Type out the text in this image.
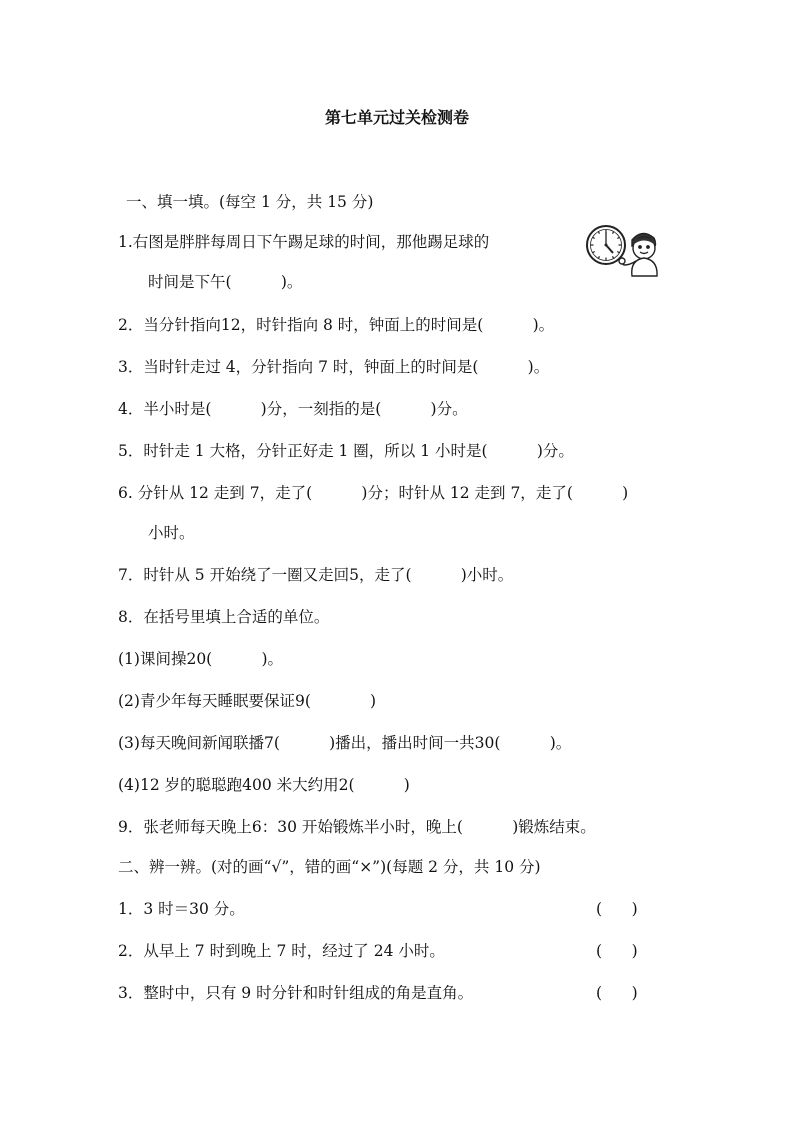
第七单元过关检测卷
一、填一填。(每空 1 分，共 15 分)
1.右图是胖胖每周日下午踢足球的时间，那他踢足球的
时间是下午(          )。
2．当分针指向12，时针指向 8 时，钟面上的时间是(          )。
3．当时针走过 4，分针指向 7 时，钟面上的时间是(          )。
4．半小时是(          )分，一刻指的是(          )分。
5．时针走 1 大格，分针正好走 1 圈，所以 1 小时是(          )分。
6. 分针从 12 走到 7，走了(          )分；时针从 12 走到 7，走了(          )
小时。
7．时针从 5 开始绕了一圈又走回5，走了(          )小时。
8．在括号里填上合适的单位。
(1)课间操20(          )。
(2)青少年每天睡眠要保证9(            )
(3)每天晚间新闻联播7(          )播出，播出时间一共30(          )。
(4)12 岁的聪聪跑400 米大约用2(          )
9．张老师每天晚上6：30 开始锻炼半小时，晚上(          )锻炼结束。
二、辨一辨。(对的画“√”，错的画“×”)(每题 2 分，共 10 分)
1．3 时＝30 分。	(      )
2．从早上 7 时到晚上 7 时，经过了 24 小时。	(      )
3．整时中，只有 9 时分针和时针组成的角是直角。	(      )
